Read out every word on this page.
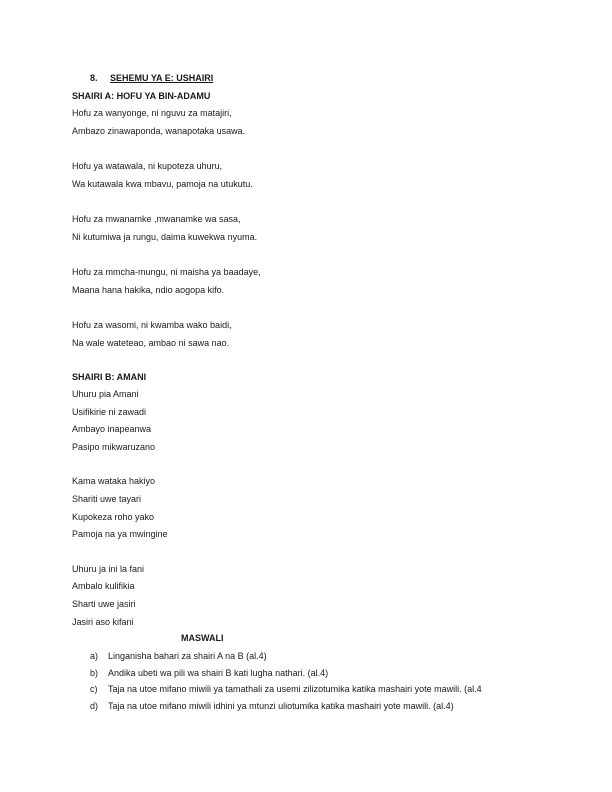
8. SEHEMU YA E: USHAIRI
SHAIRI A: HOFU YA BIN-ADAMU
Hofu za wanyonge, ni nguvu za matajiri,
Ambazo zinawaponda, wanapotaka usawa.
Hofu ya watawala, ni kupoteza uhuru,
Wa kutawala kwa mbavu, pamoja na utukutu.
Hofu za mwanamke ,mwanamke wa sasa,
Ni kutumiwa ja rungu, daima kuwekwa nyuma.
Hofu za mmcha-mungu, ni maisha ya baadaye,
Maana hana hakika, ndio aogopa kifo.
Hofu za wasomi, ni kwamba wako baidi,
Na wale wateteao, ambao ni sawa nao.
SHAIRI B: AMANI
Uhuru pia Amani
Usifikirie ni zawadi
Ambayo inapeanwa
Pasipo mikwaruzano
Kama wataka hakiyo
Shariti uwe tayari
Kupokeza roho yako
Pamoja na ya mwingine
Uhuru ja ini la fani
Ambalo kulifikia
Sharti uwe jasiri
Jasiri aso kifani
MASWALI
a) Linganisha bahari za shairi A na B (al.4)
b) Andika ubeti wa pili wa shairi B kati lugha nathari. (al.4)
c) Taja na utoe mifano miwili ya tamathali za usemi zilizotumika katika mashairi yote mawili. (al.4
d) Taja na utoe mifano miwili idhini ya mtunzi uliotumika katika mashairi yote mawili. (al.4)
